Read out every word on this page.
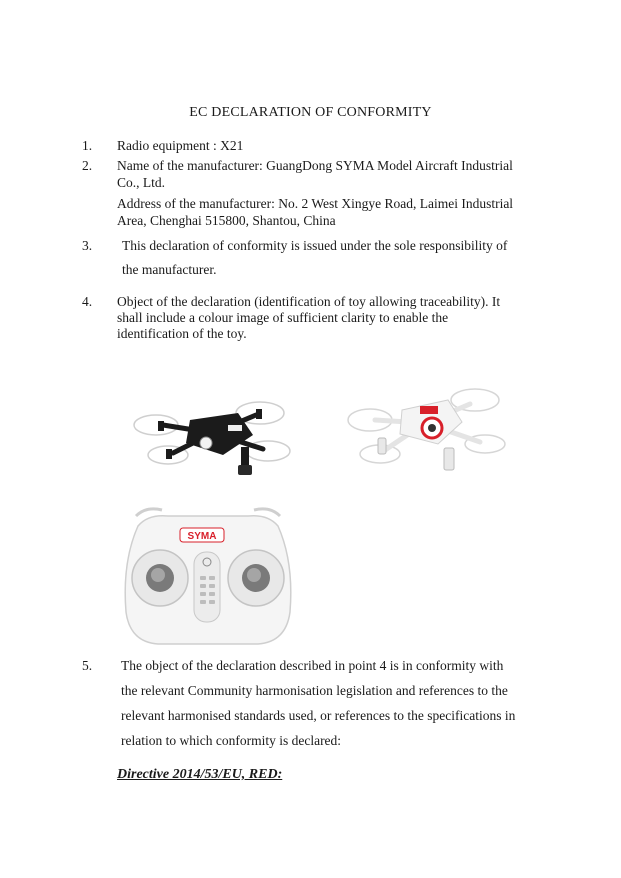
EC DECLARATION OF CONFORMITY
1. Radio equipment : X21
2. Name of the manufacturer: GuangDong SYMA Model Aircraft Industrial
Co., Ltd.
Address of the manufacturer: No. 2 West Xingye Road, Laimei Industrial
Area, Chenghai 515800, Shantou, China
3. This declaration of conformity is issued under the sole responsibility of
the manufacturer.
4. Object of the declaration (identification of toy allowing traceability). It
shall include a colour image of sufficient clarity to enable the
identification of the toy.
SYMA
5. The object of the declaration described in point 4 is in conformity with
the relevant Community harmonisation legislation and references to the
relevant harmonised standards used, or references to the specifications in
relation to which conformity is declared:
Directive 2014/53/EU, RED:
